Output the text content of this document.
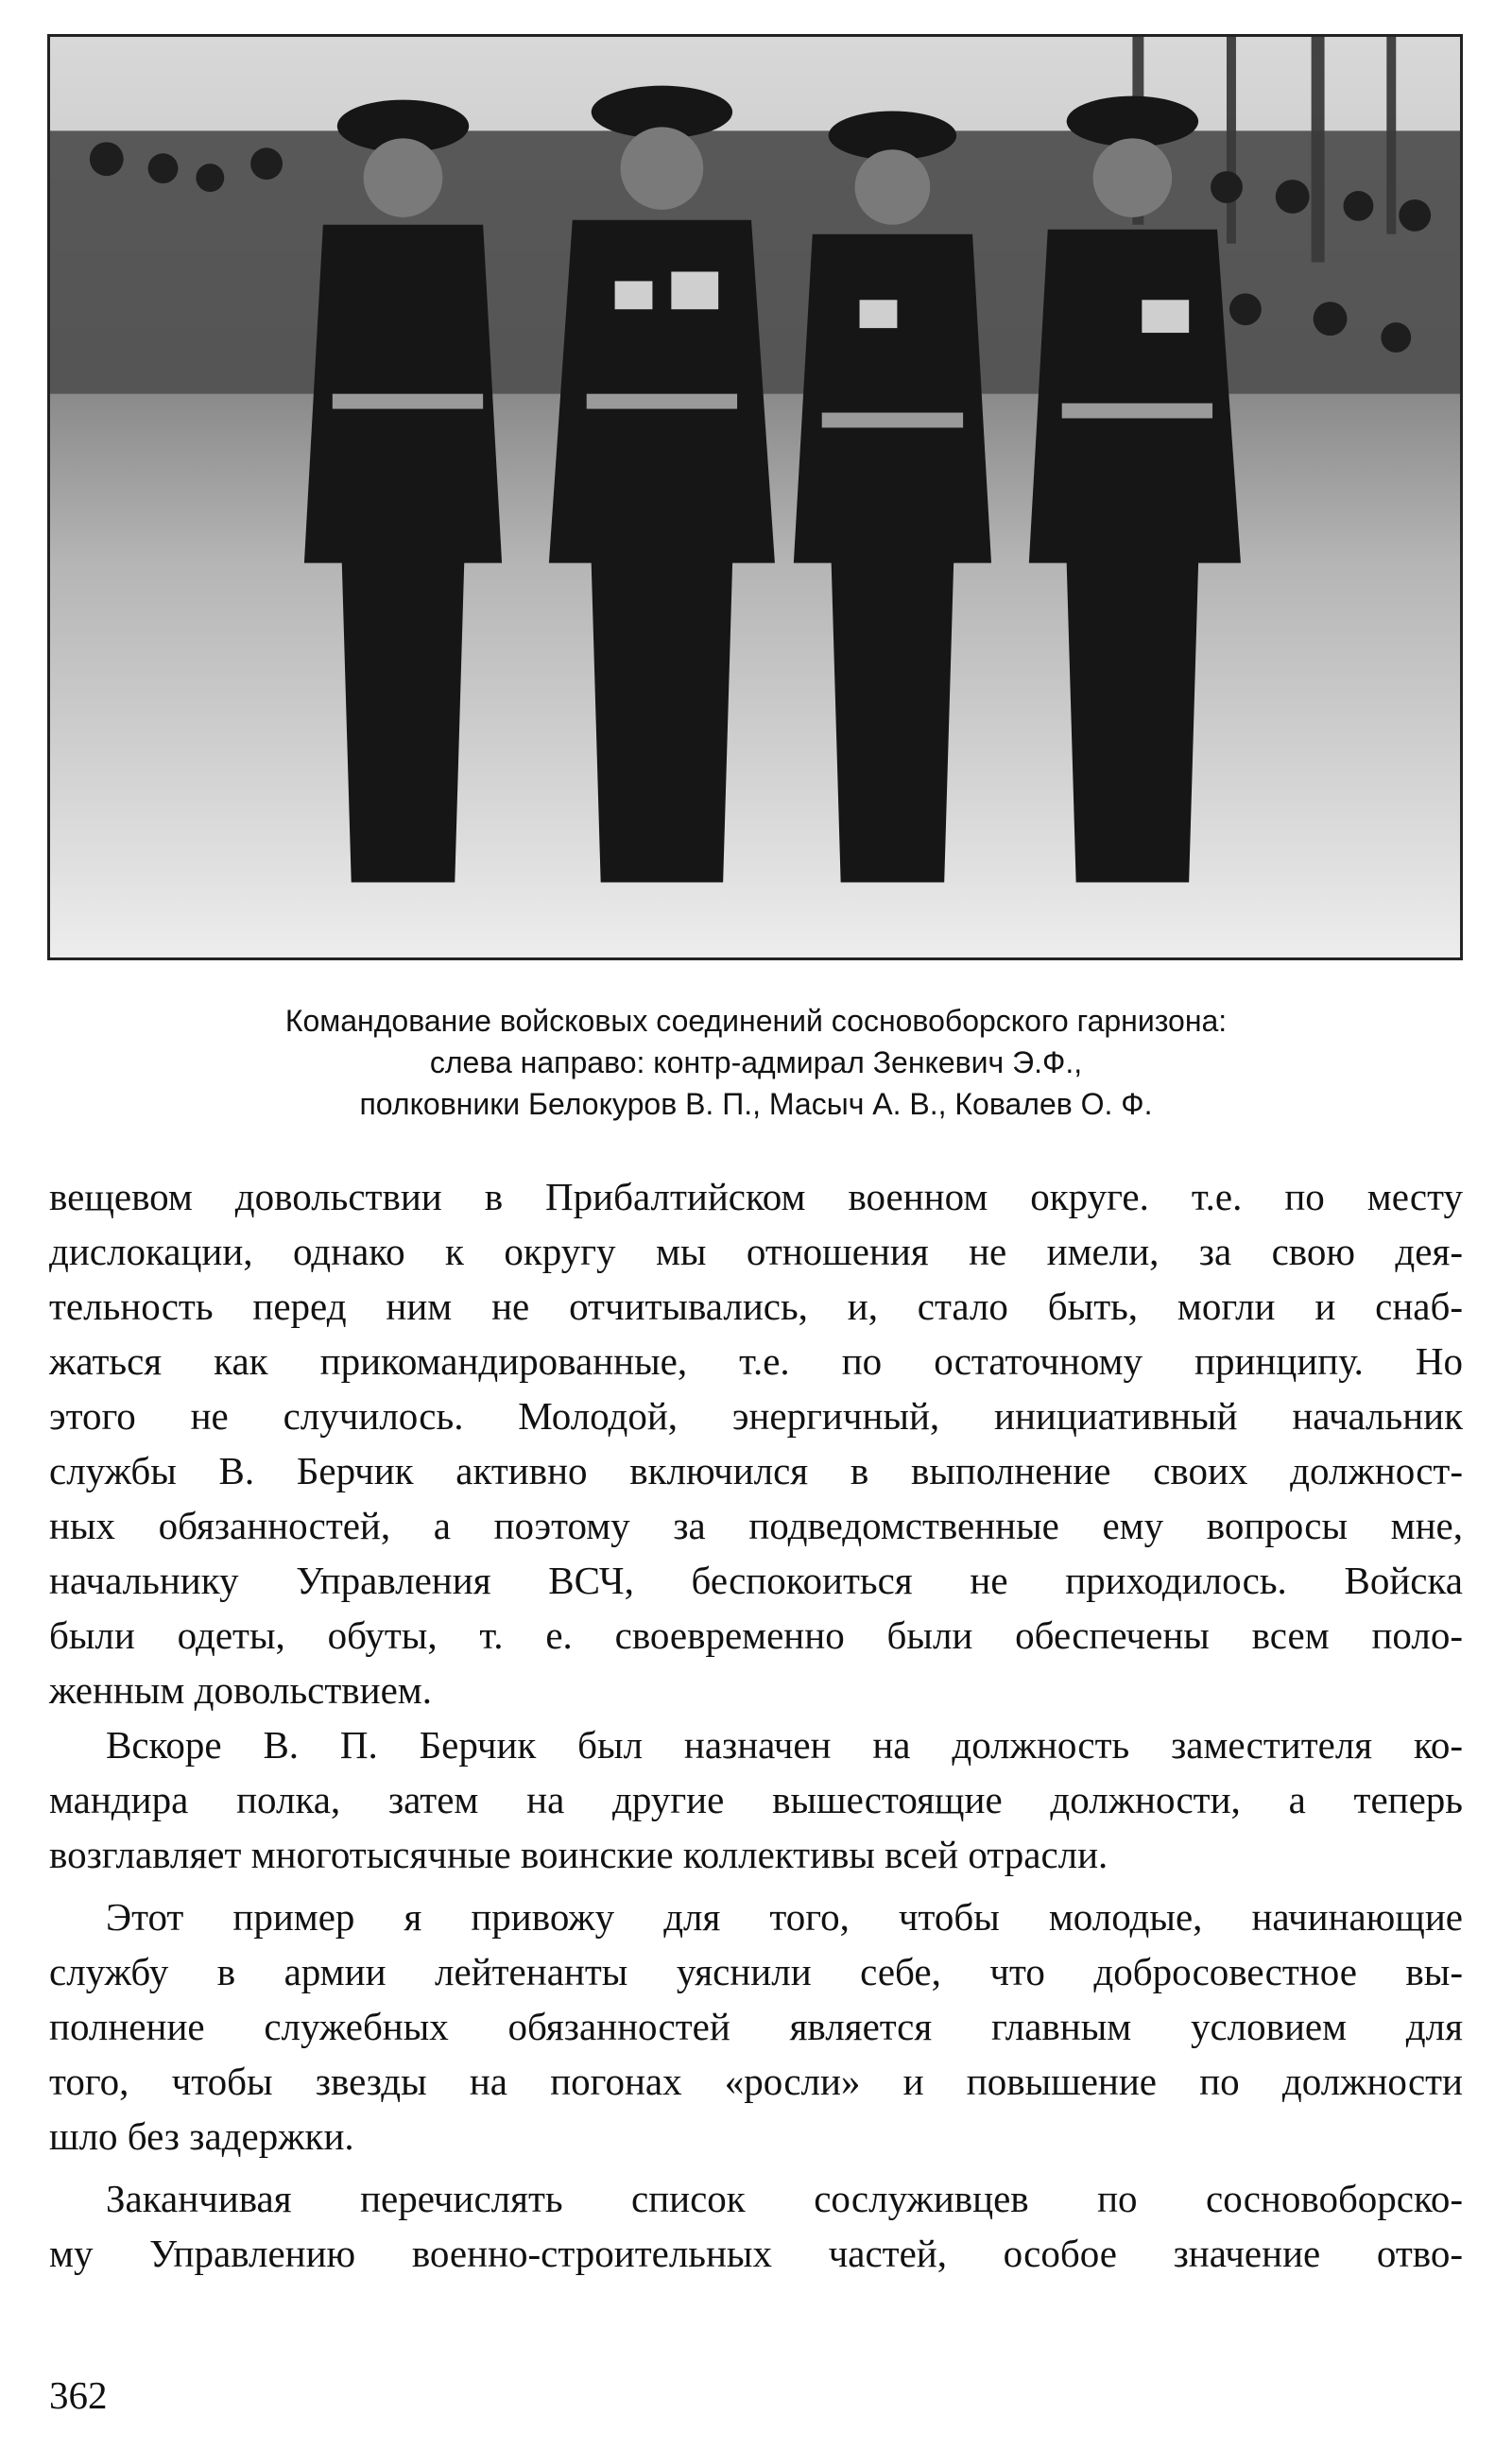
Командование войсковых соединений сосновоборского гарнизона:
слева направо: контр-адмирал Зенкевич Э.Ф.,
полковники Белокуров В. П., Масыч А. В., Ковалев О. Ф.
вещевом довольствии в Прибалтийском военном округе. т.е. по месту
дислокации, однако к округу мы отношения не имели, за свою дея-
тельность перед ним не отчитывались, и, стало быть, могли и снаб-
жаться как прикомандированные, т.е. по остаточному принципу. Но
этого не случилось. Молодой, энергичный, инициативный начальник
службы В. Берчик активно включился в выполнение своих должност-
ных обязанностей, а поэтому за подведомственные ему вопросы мне,
начальнику Управления ВСЧ, беспокоиться не приходилось. Войска
были одеты, обуты, т. е. своевременно были обеспечены всем поло-
женным довольствием.
Вскоре В. П. Берчик был назначен на должность заместителя ко-
мандира полка, затем на другие вышестоящие должности, а теперь
возглавляет многотысячные воинские коллективы всей отрасли.
Этот пример я привожу для того, чтобы молодые, начинающие
службу в армии лейтенанты уяснили себе, что добросовестное вы-
полнение служебных обязанностей является главным условием для
того, чтобы звезды на погонах «росли» и повышение по должности
шло без задержки.
Заканчивая перечислять список сослуживцев по сосновоборско-
му Управлению военно-строительных частей, особое значение отво-
362
